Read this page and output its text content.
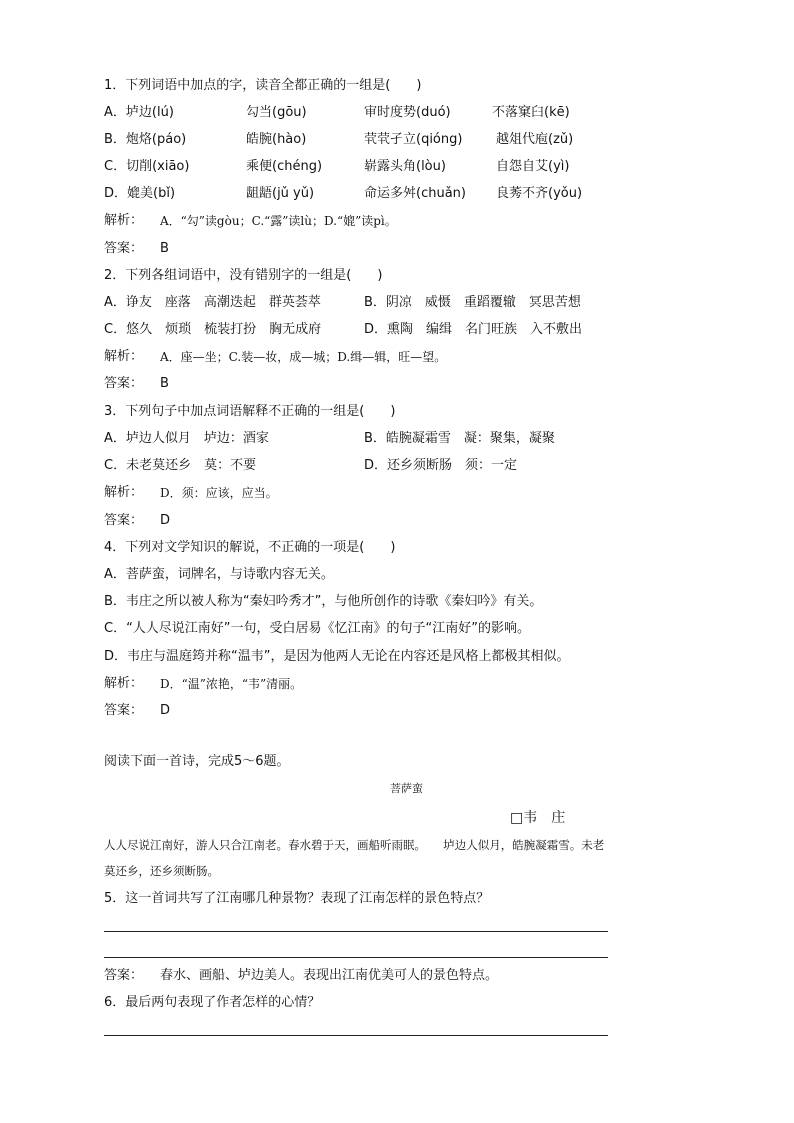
1．下列词语中加点的字，读音全都正确的一组是(　　)
A．垆边(lú)	勾当(gōu)	审时度势(duó)	不落窠臼(kē)
B．炮烙(páo)	皓腕(hào)	茕茕孑立(qióng)	越俎代庖(zǔ)
C．切削(xiāo)	乘便(chéng)	崭露头角(lòu)	自怨自艾(yì)
D．媲美(bǐ)	龃龉(jǔ yǔ)	命运多舛(chuǎn) 良莠不齐(yǒu)
解析： A．“勾”读gòu；C.“露”读lù；D.“媲”读pì。
答案： B
2．下列各组词语中，没有错别字的一组是(　　)
A．诤友　座落　高潮迭起　群英荟萃	B．阴凉　威慑　重蹈覆辙　冥思苦想
C．悠久　烦琐　梳装打扮　胸无成府	D．熏陶　编缉　名门旺族　入不敷出
解析： A．座—坐；C.装—妆，成—城；D.缉—辑，旺—望。
答案： B
3．下列句子中加点词语解释不正确的一组是(　　)
A．垆边人似月　垆边：酒家	B．皓腕凝霜雪　凝：聚集，凝聚
C．未老莫还乡　莫：不要	D．还乡须断肠　须：一定
解析： D．须：应该，应当。
答案： D
4．下列对文学知识的解说，不正确的一项是(　　)
A．菩萨蛮，词牌名，与诗歌内容无关。
B．韦庄之所以被人称为“秦妇吟秀才”，与他所创作的诗歌《秦妇吟》有关。
C．“人人尽说江南好”一句，受白居易《忆江南》的句子“江南好”的影响。
D．韦庄与温庭筠并称“温韦”，是因为他两人无论在内容还是风格上都极其相似。
解析： D．“温”浓艳，“韦”清丽。
答案： D
阅读下面一首诗，完成5～6题。
菩萨蛮
□韦　庄
人人尽说江南好，游人只合江南老。春水碧于天，画船听雨眠。　　垆边人似月，皓腕凝霜雪。未老
莫还乡，还乡须断肠。
5．这一首词共写了江南哪几种景物？表现了江南怎样的景色特点？
答案： 春水、画船、垆边美人。表现出江南优美可人的景色特点。
6．最后两句表现了作者怎样的心情？
